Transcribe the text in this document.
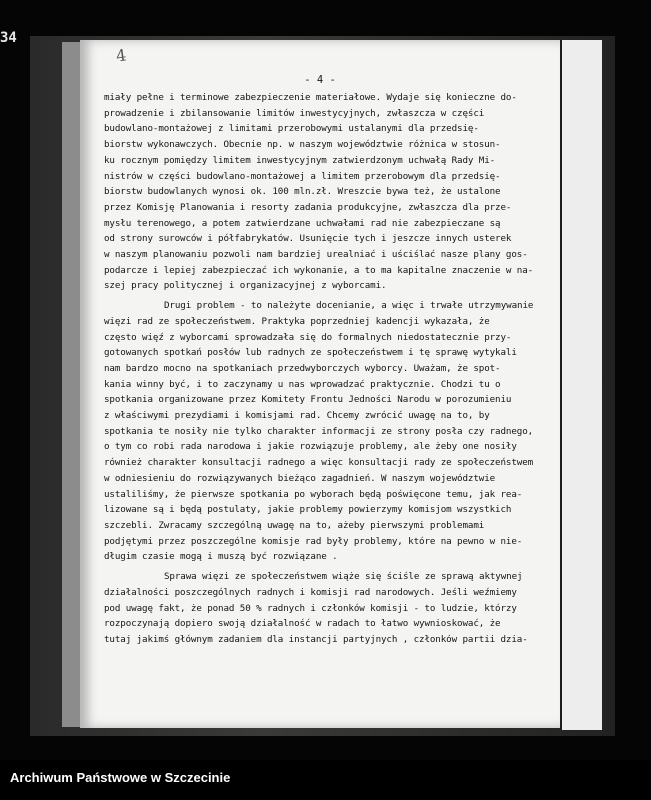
34
4
- 4 -
miały pełne i terminowe zabezpieczenie materiałowe. Wydaje się konieczne do-
prowadzenie i zbilansowanie limitów inwestycyjnych, zwłaszcza w części
budowlano-montażowej z limitami przerobowymi ustalanymi dla przedsię-
biorstw wykonawczych. Obecnie np. w naszym województwie różnica w stosun-
ku rocznym pomiędzy limitem inwestycyjnym zatwierdzonym uchwałą Rady Mi-
nistrów w części budowlano-montażowej a limitem przerobowym dla przedsię-
biorstw budowlanych wynosi ok. 100 mln.zł. Wreszcie bywa też, że ustalone
przez Komisję Planowania i resorty zadania produkcyjne, zwłaszcza dla prze-
mysłu terenowego, a potem zatwierdzane uchwałami rad nie zabezpieczane są
od strony surowców i półfabrykatów. Usunięcie tych i jeszcze innych usterek
w naszym planowaniu pozwoli nam bardziej urealniać i uściślać nasze plany gos-
podarcze i lepiej zabezpieczać ich wykonanie, a to ma kapitalne znaczenie w na-
szej pracy politycznej i organizacyjnej z wyborcami.
Drugi problem - to należyte docenianie, a więc i trwałe utrzymywanie
więzi rad ze społeczeństwem. Praktyka poprzedniej kadencji wykazała, że
często więź z wyborcami sprowadzała się do formalnych niedostatecznie przy-
gotowanych spotkań posłów lub radnych ze społeczeństwem i tę sprawę wytykali
nam bardzo mocno na spotkaniach przedwyborczych wyborcy. Uważam, że spot-
kania winny być, i to zaczynamy u nas wprowadzać praktycznie. Chodzi tu o
spotkania organizowane przez Komitety Frontu Jedności Narodu w porozumieniu
z właściwymi prezydiami i komisjami rad. Chcemy zwrócić uwagę na to, by
spotkania te nosiły nie tylko charakter informacji ze strony posła czy radnego,
o tym co robi rada narodowa i jakie rozwiązuje problemy, ale żeby one nosiły
również charakter konsultacji radnego a więc konsultacji rady ze społeczeństwem
w odniesieniu do rozwiązywanych bieżąco zagadnień. W naszym województwie
ustaliliśmy, że pierwsze spotkania po wyborach będą poświęcone temu, jak rea-
lizowane są i będą postulaty, jakie problemy powierzymy komisjom wszystkich
szczebli. Zwracamy szczególną uwagę na to, ażeby pierwszymi problemami
podjętymi przez poszczególne komisje rad były problemy, które na pewno w nie-
długim czasie mogą i muszą być rozwiązane .
Sprawa więzi ze społeczeństwem wiąże się ściśle ze sprawą aktywnej
działalności poszczególnych radnych i komisji rad narodowych. Jeśli weźmiemy
pod uwagę fakt, że ponad 50 % radnych i członków komisji - to ludzie, którzy
rozpoczynają dopiero swoją działalność w radach to łatwo wywnioskować, że
tutaj jakimś głównym zadaniem dla instancji partyjnych , członków partii dzia-
Archiwum Państwowe w Szczecinie
